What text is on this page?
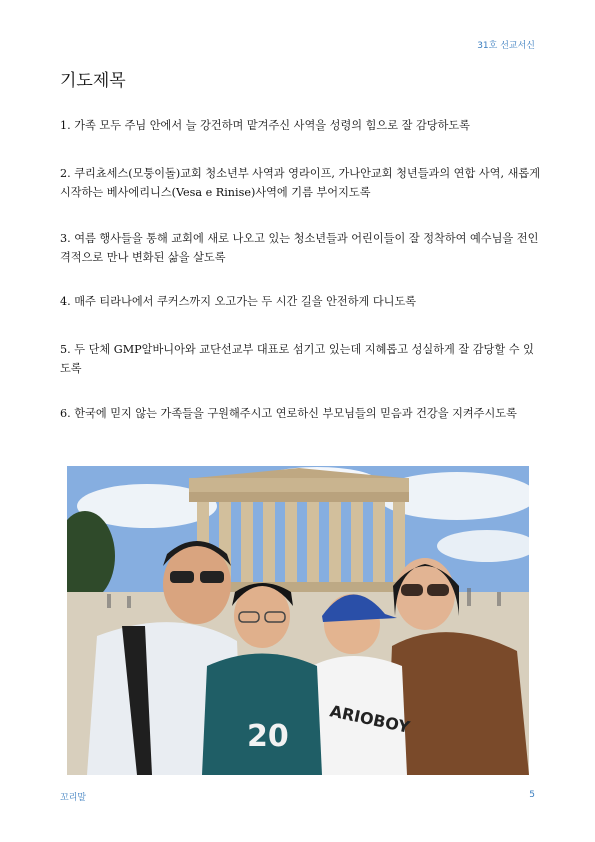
31호 선교서신
기도제목
1. 가족 모두 주님 안에서 늘 강건하며 맡겨주신 사역을 성령의 힘으로 잘 감당하도록
2. 쿠리쵸세스(모퉁이돌)교회 청소년부 사역과 영라이프, 가나안교회 청년들과의 연합 사역, 새롭게 시작하는 베사에리니스(Vesa e Rinise)사역에 기름 부어지도록
3. 여름 행사들을 통해 교회에 새로 나오고 있는 청소년들과 어린이들이 잘 정착하여 예수님을 전인격적으로 만나 변화된 삶을 살도록
4. 매주 티라나에서 쿠커스까지 오고가는 두 시간 길을 안전하게 다니도록
5. 두 단체 GMP알바니아와 교단선교부 대표로 섬기고 있는데 지혜롭고 성실하게 잘 감당할 수 있도록
6. 한국에 믿지 않는 가족들을 구원해주시고 연로하신 부모님들의 믿음과 건강을 지켜주시도록
ARIOBOY
20
꼬리말	5
